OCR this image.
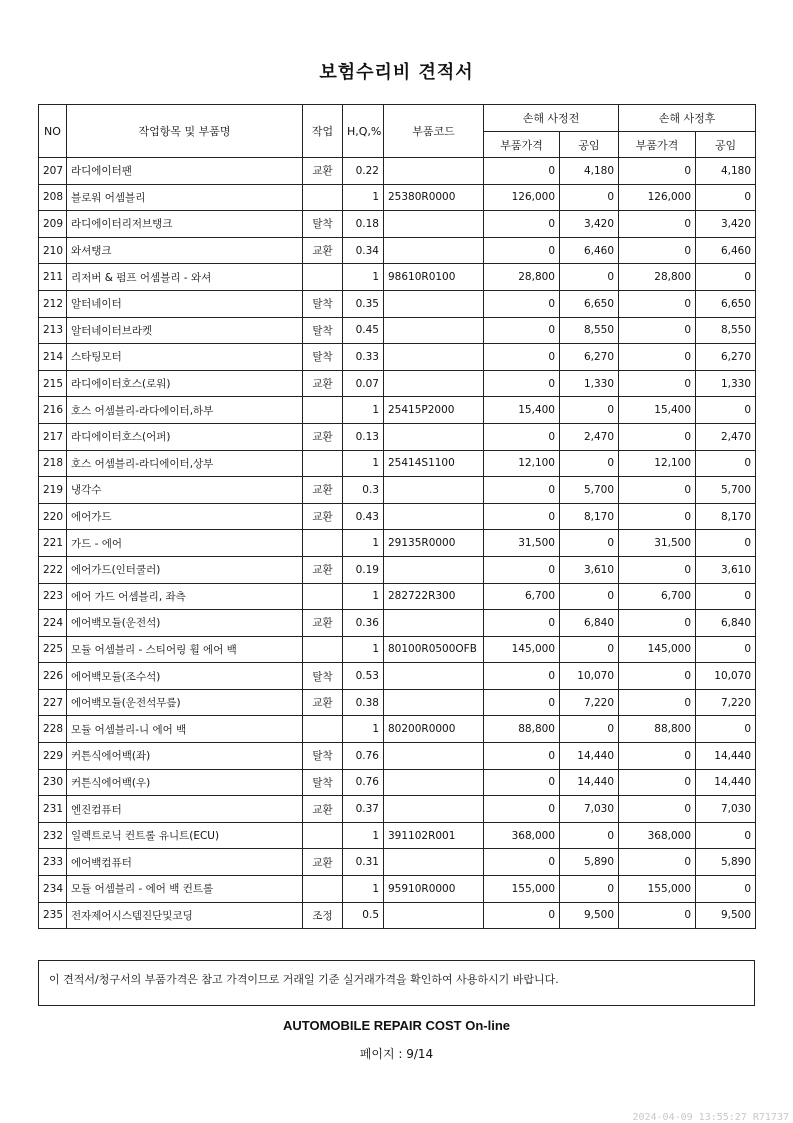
보험수리비 견적서
NO	작업항목 및 부품명	작업	H,Q,%	부품코드	손해 사정전		손해 사정후	
					부품가격	공임	부품가격	공임
207	라디에이터팬	교환	0.22		0	4,180	0	4,180
208	블로워 어셈블리		1	25380R0000	126,000	0	126,000	0
209	라디에이터리저브탱크	탈착	0.18		0	3,420	0	3,420
210	와셔탱크	교환	0.34		0	6,460	0	6,460
211	리저버 & 펌프 어셈블리 - 와셔		1	98610R0100	28,800	0	28,800	0
212	알터네이터	탈착	0.35		0	6,650	0	6,650
213	알터네이터브라켓	탈착	0.45		0	8,550	0	8,550
214	스타팅모터	탈착	0.33		0	6,270	0	6,270
215	라디에이터호스(로워)	교환	0.07		0	1,330	0	1,330
216	호스 어셈블리-라다에이터,하부		1	25415P2000	15,400	0	15,400	0
217	라디에이터호스(어퍼)	교환	0.13		0	2,470	0	2,470
218	호스 어셈블리-라디에이터,상부		1	25414S1100	12,100	0	12,100	0
219	냉각수	교환	0.3		0	5,700	0	5,700
220	에어가드	교환	0.43		0	8,170	0	8,170
221	가드 - 에어		1	29135R0000	31,500	0	31,500	0
222	에어가드(인터쿨러)	교환	0.19		0	3,610	0	3,610
223	에어 가드 어셈블리, 좌측		1	282722R300	6,700	0	6,700	0
224	에어백모듈(운전석)	교환	0.36		0	6,840	0	6,840
225	모듈 어셈블리 - 스티어링 휠 에어 백		1	80100R0500OFB	145,000	0	145,000	0
226	에어백모듈(조수석)	탈착	0.53		0	10,070	0	10,070
227	에어백모듈(운전석무릎)	교환	0.38		0	7,220	0	7,220
228	모듈 어셈블리-니 에어 백		1	80200R0000	88,800	0	88,800	0
229	커튼식에어백(좌)	탈착	0.76		0	14,440	0	14,440
230	커튼식에어백(우)	탈착	0.76		0	14,440	0	14,440
231	엔진컴퓨터	교환	0.37		0	7,030	0	7,030
232	일렉트로닉 컨트롤 유니트(ECU)		1	391102R001	368,000	0	368,000	0
233	에어백컴퓨터	교환	0.31		0	5,890	0	5,890
234	모듈 어셈블리 - 에어 백 컨트롤		1	95910R0000	155,000	0	155,000	0
235	전자제어시스템진단및코딩	조정	0.5		0	9,500	0	9,500
이 견적서/청구서의 부품가격은 참고 가격이므로 거래일 기준 실거래가격을 확인하여 사용하시기 바랍니다.
AUTOMOBILE REPAIR COST On-line
페이지 : 9/14
2024-04-09 13:55:27 R71737
